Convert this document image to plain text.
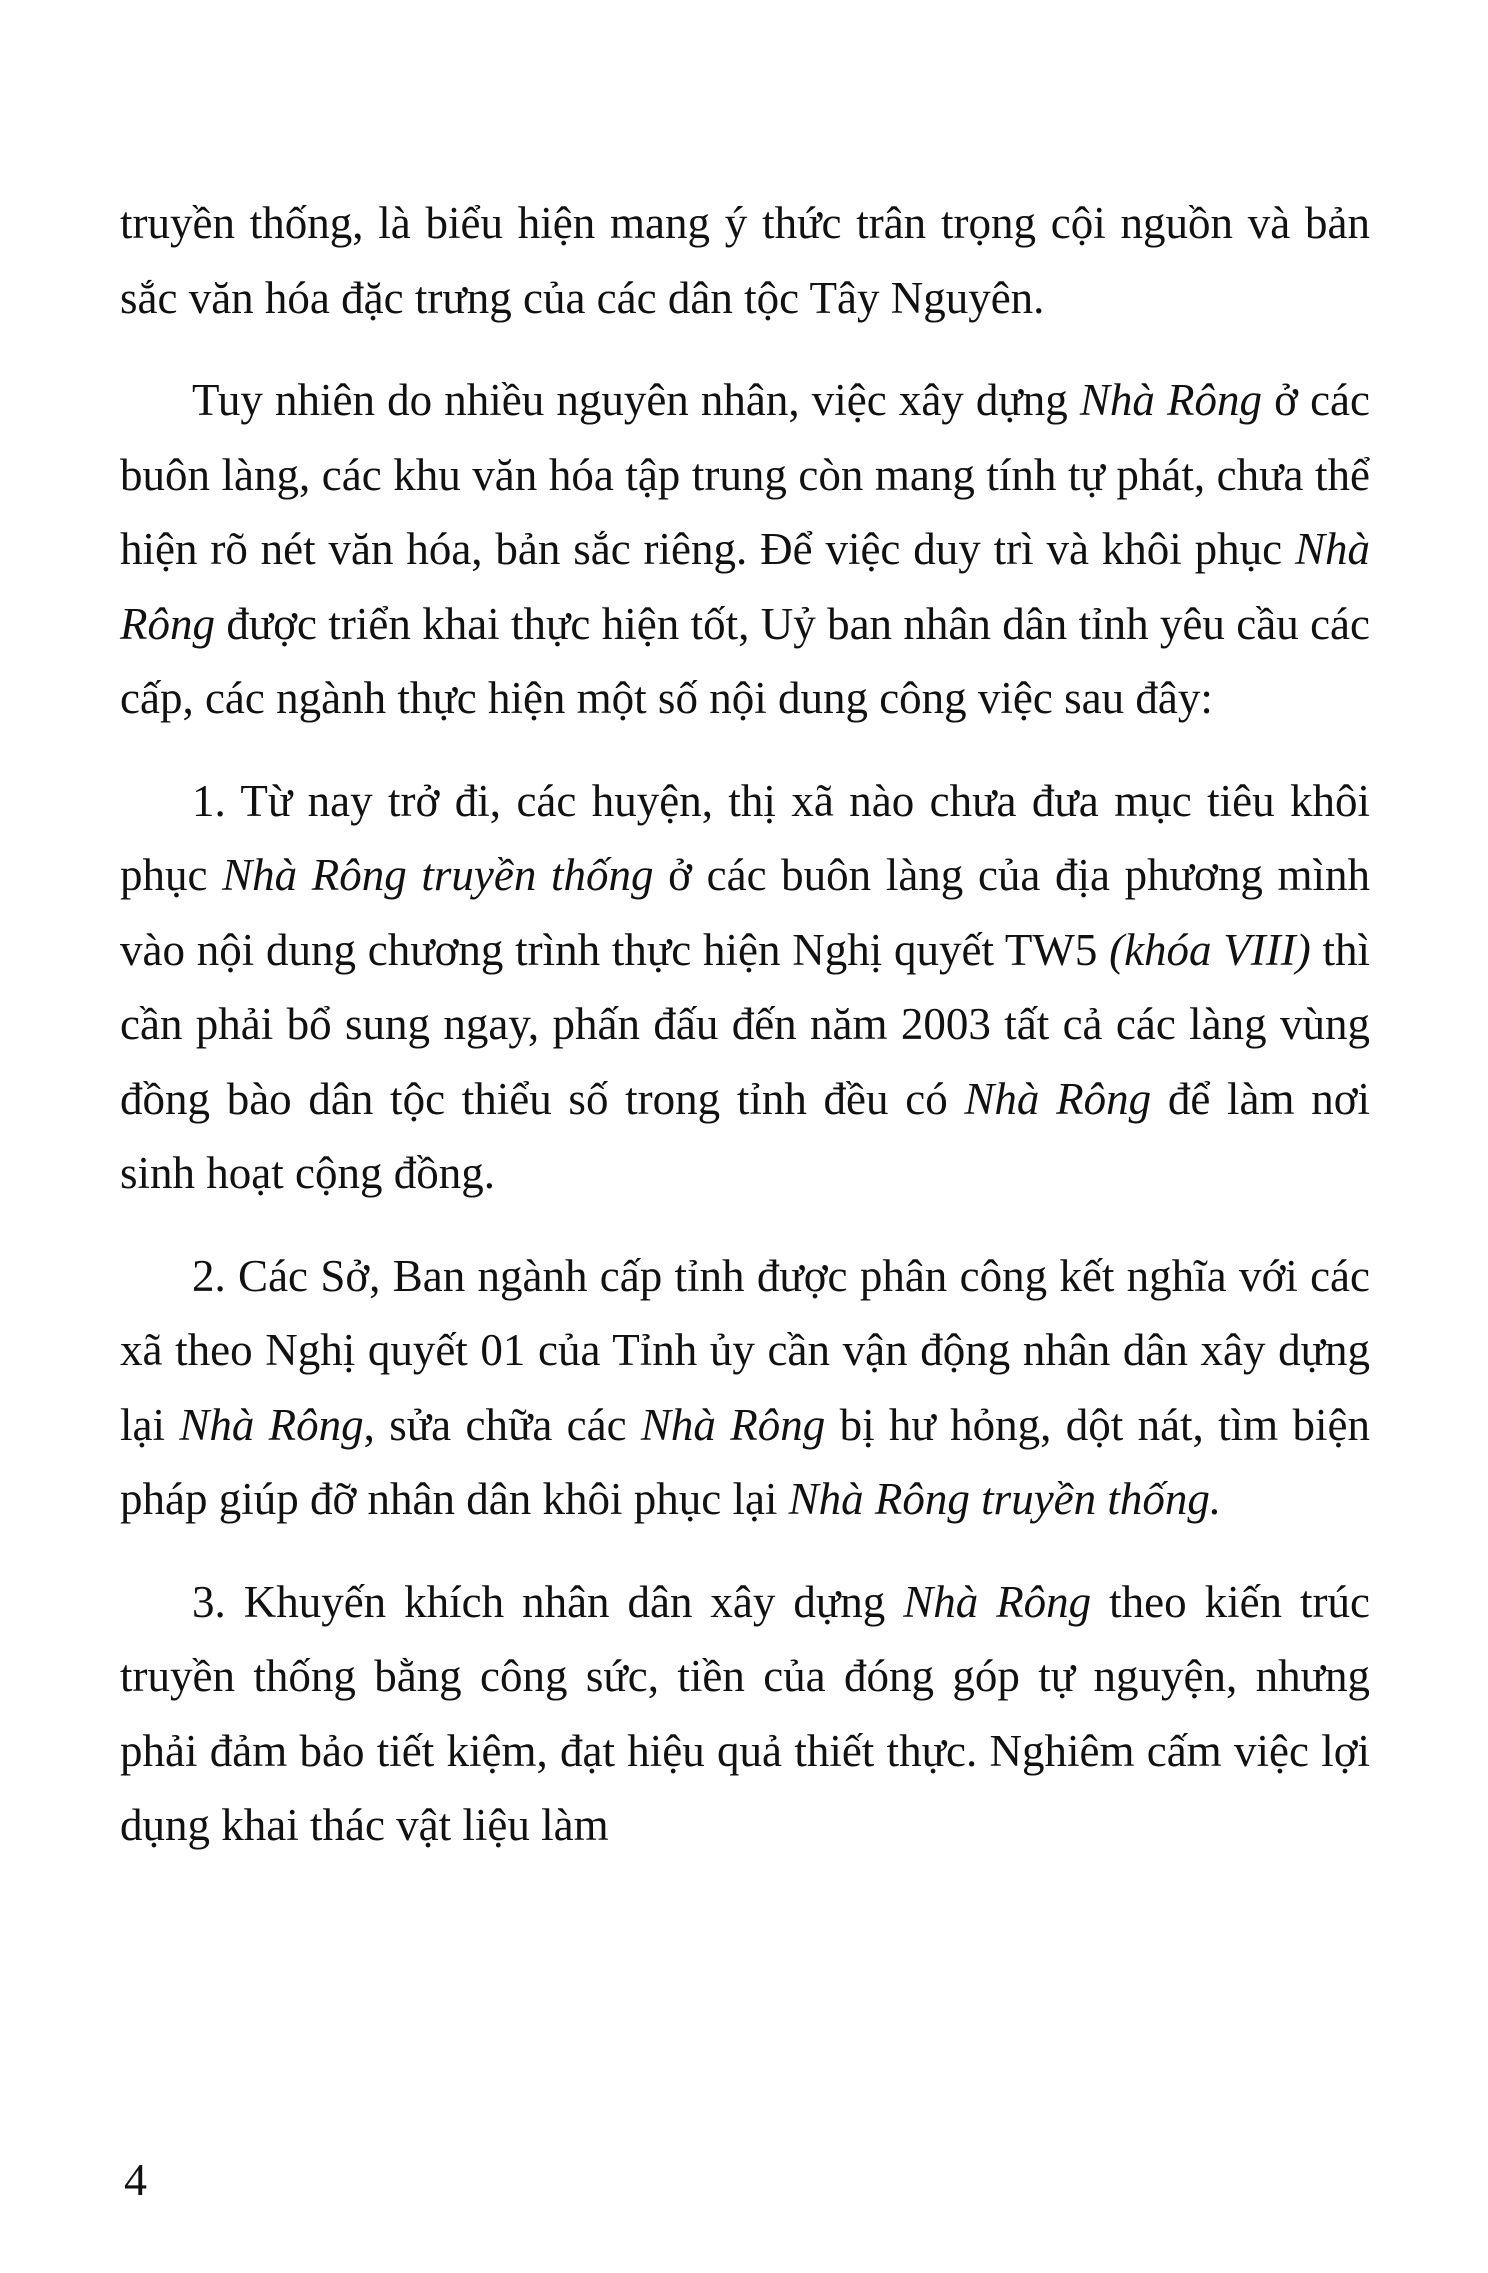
truyền thống, là biểu hiện mang ý thức trân trọng cội nguồn và bản sắc văn hóa đặc trưng của các dân tộc Tây Nguyên.

Tuy nhiên do nhiều nguyên nhân, việc xây dựng Nhà Rông ở các buôn làng, các khu văn hóa tập trung còn mang tính tự phát, chưa thể hiện rõ nét văn hóa, bản sắc riêng. Để việc duy trì và khôi phục Nhà Rông được triển khai thực hiện tốt, Uỷ ban nhân dân tỉnh yêu cầu các cấp, các ngành thực hiện một số nội dung công việc sau đây:

1. Từ nay trở đi, các huyện, thị xã nào chưa đưa mục tiêu khôi phục Nhà Rông truyền thống ở các buôn làng của địa phương mình vào nội dung chương trình thực hiện Nghị quyết TW5 (khóa VIII) thì cần phải bổ sung ngay, phấn đấu đến năm 2003 tất cả các làng vùng đồng bào dân tộc thiểu số trong tỉnh đều có Nhà Rông để làm nơi sinh hoạt cộng đồng.

2. Các Sở, Ban ngành cấp tỉnh được phân công kết nghĩa với các xã theo Nghị quyết 01 của Tỉnh ủy cần vận động nhân dân xây dựng lại Nhà Rông, sửa chữa các Nhà Rông bị hư hỏng, dột nát, tìm biện pháp giúp đỡ nhân dân khôi phục lại Nhà Rông truyền thống.

3. Khuyến khích nhân dân xây dựng Nhà Rông theo kiến trúc truyền thống bằng công sức, tiền của đóng góp tự nguyện, nhưng phải đảm bảo tiết kiệm, đạt hiệu quả thiết thực. Nghiêm cấm việc lợi dụng khai thác vật liệu làm

4
